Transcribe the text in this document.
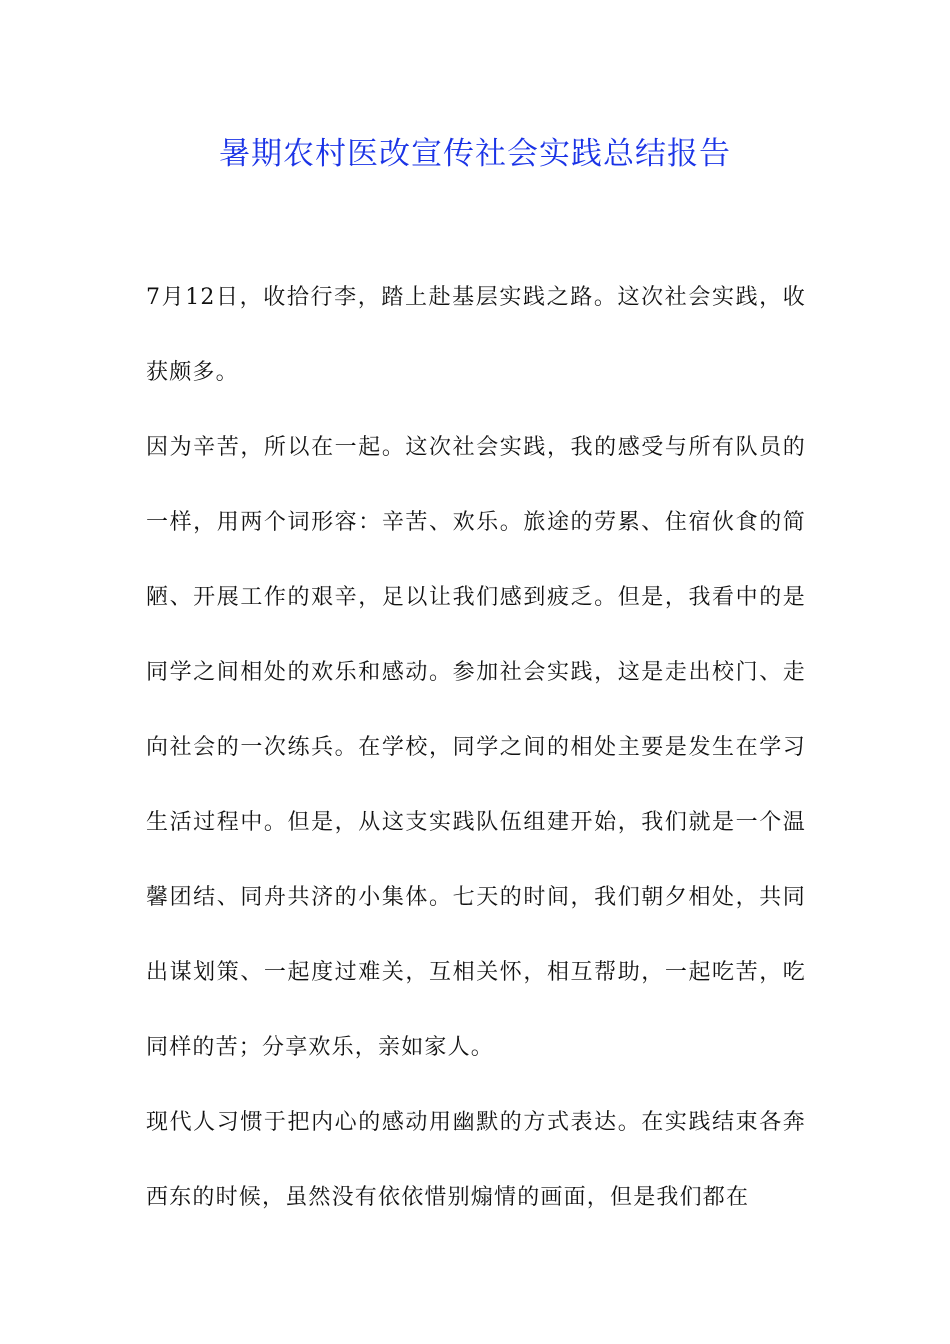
暑期农村医改宣传社会实践总结报告

7月12日，收拾行李，踏上赴基层实践之路。这次社会实践，收获颇多。

因为辛苦，所以在一起。这次社会实践，我的感受与所有队员的一样，用两个词形容：辛苦、欢乐。旅途的劳累、住宿伙食的简陋、开展工作的艰辛，足以让我们感到疲乏。但是，我看中的是同学之间相处的欢乐和感动。参加社会实践，这是走出校门、走向社会的一次练兵。在学校，同学之间的相处主要是发生在学习生活过程中。但是，从这支实践队伍组建开始，我们就是一个温馨团结、同舟共济的小集体。七天的时间，我们朝夕相处，共同出谋划策、一起度过难关，互相关怀，相互帮助，一起吃苦，吃同样的苦；分享欢乐，亲如家人。

现代人习惯于把内心的感动用幽默的方式表达。在实践结束各奔西东的时候，虽然没有依依惜别煽情的画面，但是我们都在
